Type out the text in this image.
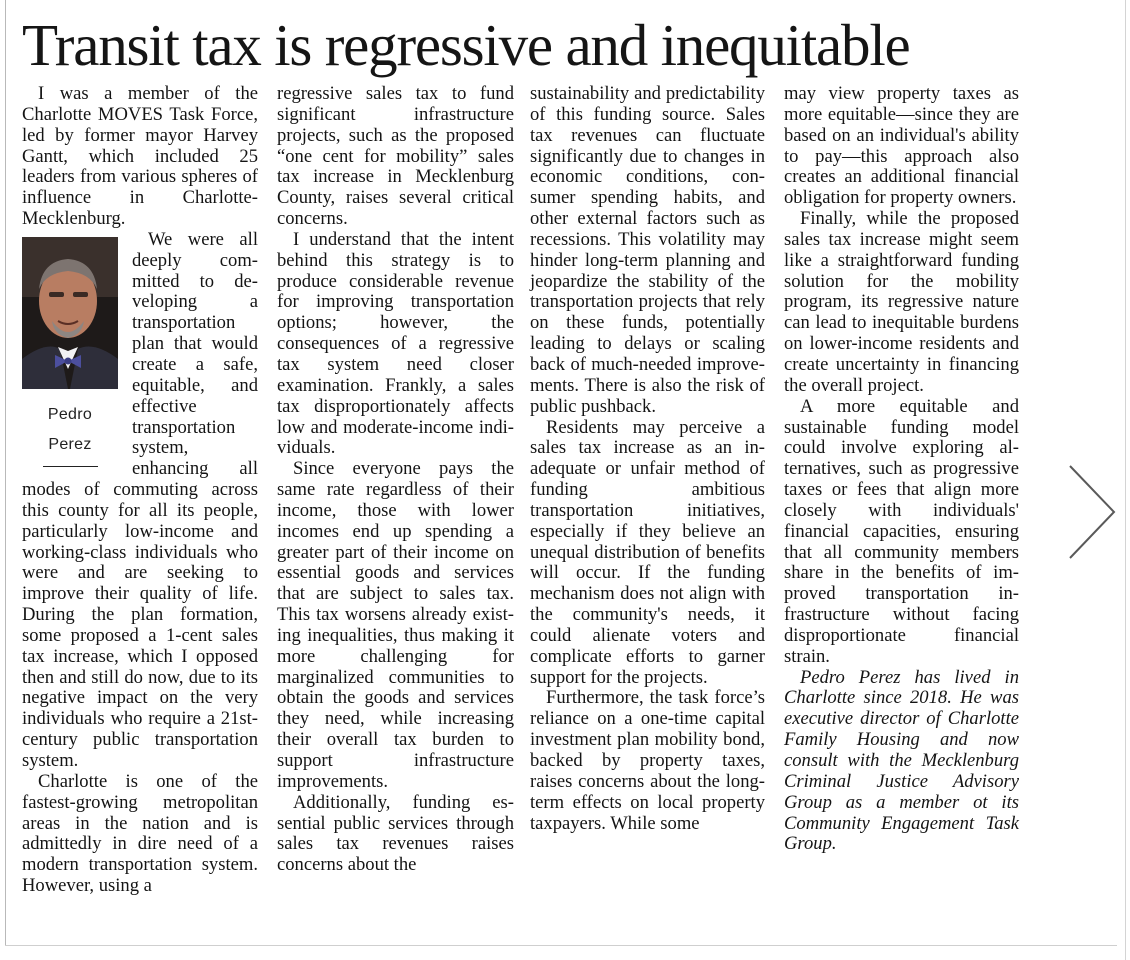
Transit tax is regressive and inequitable

I was a member of the Charlotte MOVES Task Force, led by former mayor Harvey Gantt, which included 25 leaders from various spheres of influence in Charlotte-Mecklenburg.

Pedro
Perez

We were all deeply committed to developing a transportation plan that would create a safe, equitable, and effective transportation system, enhancing all modes of commuting across this county for all its people, particularly low-income and working-class individuals who were and are seeking to improve their quality of life. During the plan formation, some proposed a 1-cent sales tax increase, which I opposed then and still do now, due to its negative impact on the very individuals who require a 21st-century public transportation system.

Charlotte is one of the fastest-growing metropolitan areas in the nation and is admittedly in dire need of a modern transportation system. However, using a

regressive sales tax to fund significant infrastructure projects, such as the proposed “one cent for mobility” sales tax increase in Mecklenburg County, raises several critical concerns.

I understand that the intent behind this strategy is to produce considerable revenue for improving transportation options; however, the consequences of a regressive tax system need closer examination. Frankly, a sales tax disproportionately affects low and moderate-income individuals.

Since everyone pays the same rate regardless of their income, those with lower incomes end up spending a greater part of their income on essential goods and services that are subject to sales tax. This tax worsens already existing inequalities, thus making it more challenging for marginalized communities to obtain the goods and services they need, while increasing their overall tax burden to support infrastructure improvements.

Additionally, funding essential public services through sales tax revenues raises concerns about the

sustainability and predictability of this funding source. Sales tax revenues can fluctuate significantly due to changes in economic conditions, consumer spending habits, and other external factors such as recessions. This volatility may hinder long-term planning and jeopardize the stability of the transportation projects that rely on these funds, potentially leading to delays or scaling back of much-needed improvements. There is also the risk of public pushback.

Residents may perceive a sales tax increase as an inadequate or unfair method of funding ambitious transportation initiatives, especially if they believe an unequal distribution of benefits will occur. If the funding mechanism does not align with the community's needs, it could alienate voters and complicate efforts to garner support for the projects.

Furthermore, the task force’s reliance on a one-time capital investment plan mobility bond, backed by property taxes, raises concerns about the long-term effects on local property taxpayers. While some

may view property taxes as more equitable—since they are based on an individual's ability to pay—this approach also creates an additional financial obligation for property owners.

Finally, while the proposed sales tax increase might seem like a straightforward funding solution for the mobility program, its regressive nature can lead to inequitable burdens on lower-income residents and create uncertainty in financing the overall project.

A more equitable and sustainable funding model could involve exploring alternatives, such as progressive taxes or fees that align more closely with individuals' financial capacities, ensuring that all community members share in the benefits of improved transportation infrastructure without facing disproportionate financial strain.

Pedro Perez has lived in Charlotte since 2018. He was executive director of Charlotte Family Housing and now consult with the Mecklenburg Criminal Justice Advisory Group as a member ot its Community Engagement Task Group.
